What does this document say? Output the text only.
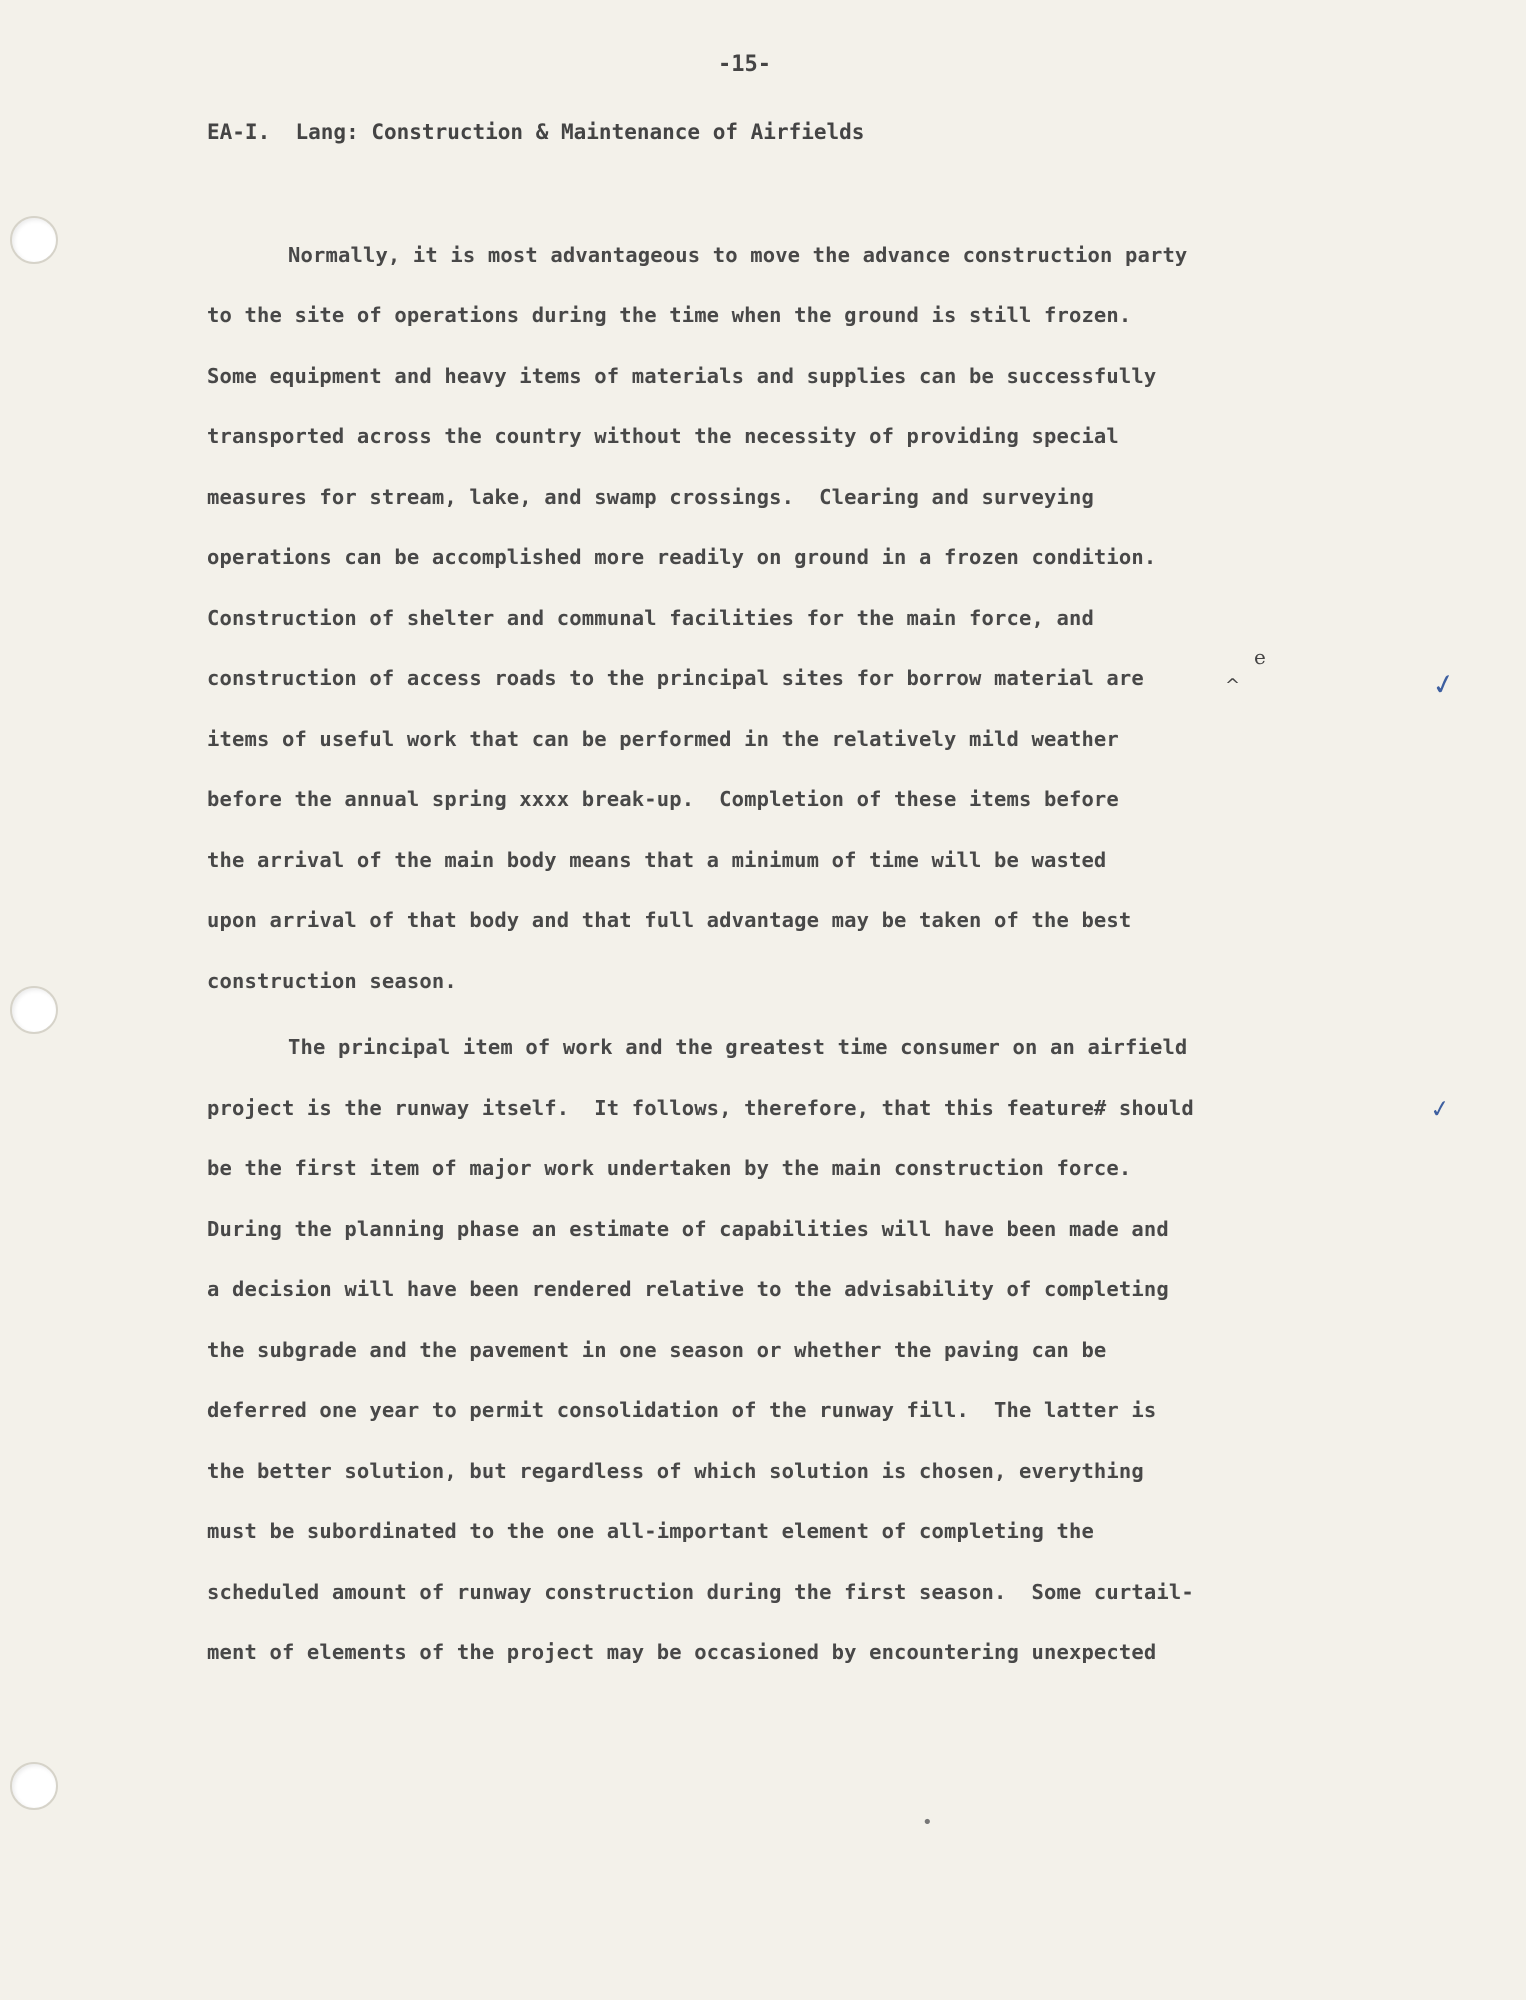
-15-
EA-I.  Lang: Construction & Maintenance of Airfields
Normally, it is most advantageous to move the advance construction party
to the site of operations during the time when the ground is still frozen.
Some equipment and heavy items of materials and supplies can be successfully
transported across the country without the necessity of providing special
measures for stream, lake, and swamp crossings.  Clearing and surveying
operations can be accomplished more readily on ground in a frozen condition.
Construction of shelter and communal facilities for the main force, and
construction of access roads to the principal sites for borrow material are
items of useful work that can be performed in the relatively mild weather
before the annual spring xxxx break-up.  Completion of these items before
the arrival of the main body means that a minimum of time will be wasted
upon arrival of that body and that full advantage may be taken of the best
construction season.
The principal item of work and the greatest time consumer on an airfield
project is the runway itself.  It follows, therefore, that this feature# should
be the first item of major work undertaken by the main construction force.
During the planning phase an estimate of capabilities will have been made and
a decision will have been rendered relative to the advisability of completing
the subgrade and the pavement in one season or whether the paving can be
deferred one year to permit consolidation of the runway fill.  The latter is
the better solution, but regardless of which solution is chosen, everything
must be subordinated to the one all-important element of completing the
scheduled amount of runway construction during the first season.  Some curtail-
ment of elements of the project may be occasioned by encountering unexpected
e
^	✓
✓
•
